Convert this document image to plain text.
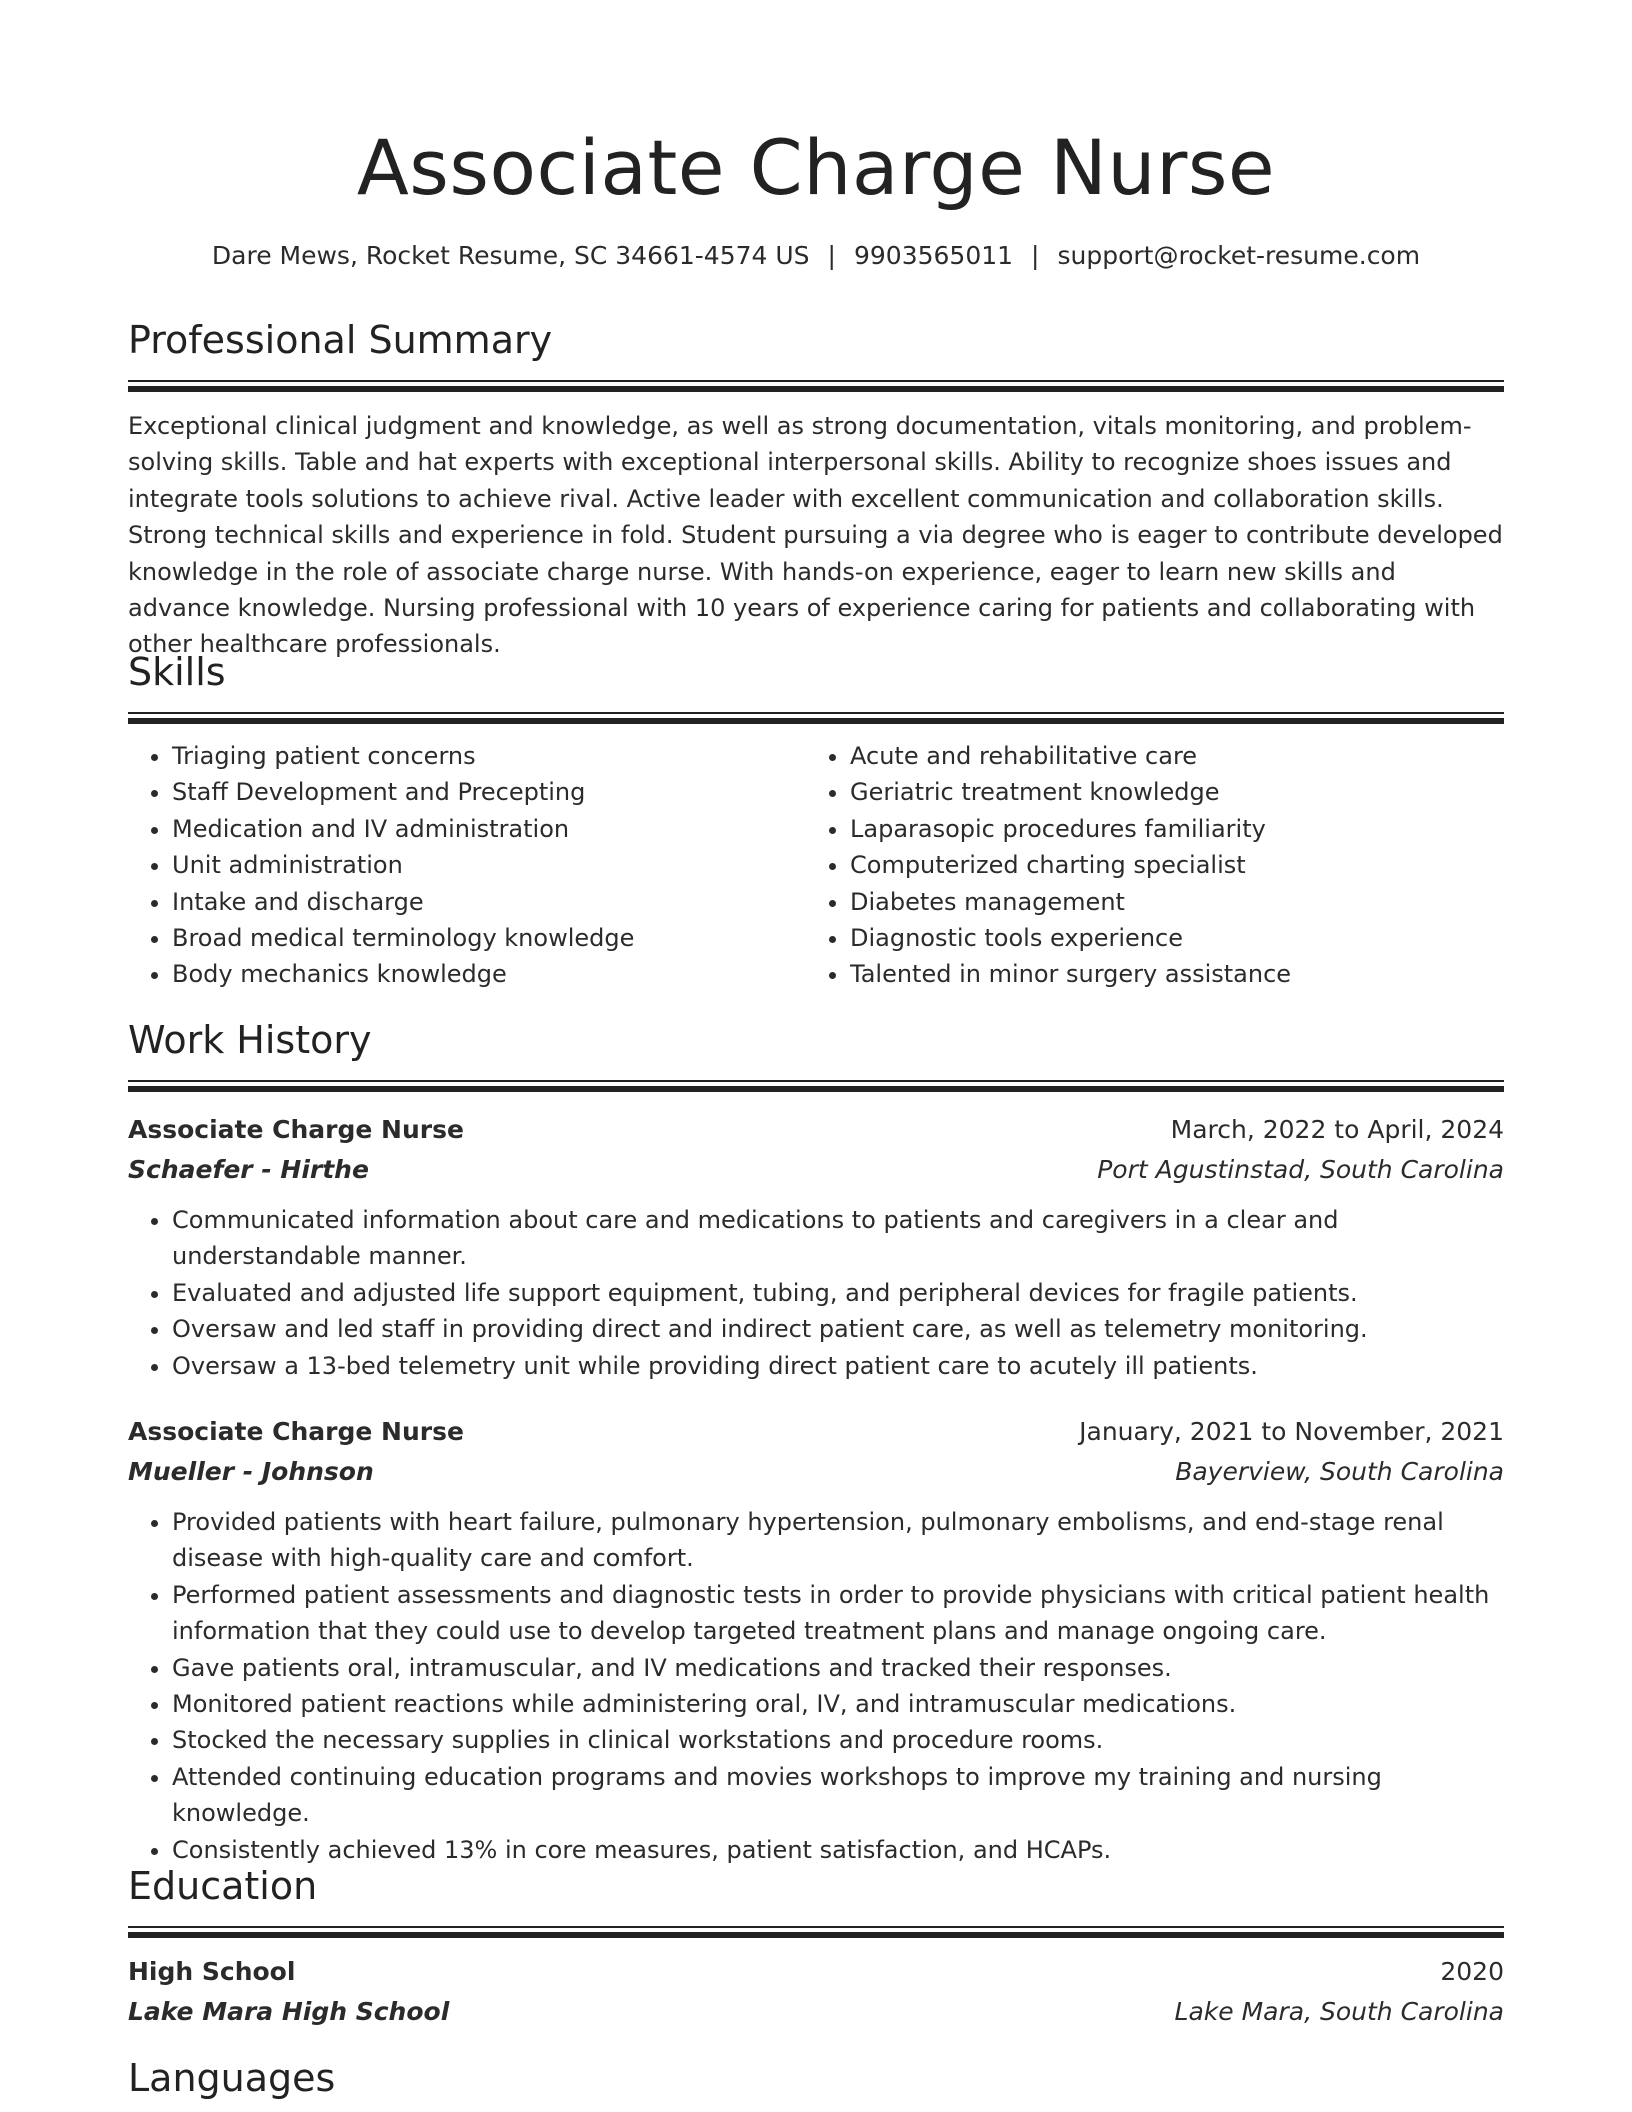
Associate Charge Nurse
Dare Mews, Rocket Resume, SC 34661-4574 US | 9903565011 | support@rocket-resume.com
Professional Summary

Exceptional clinical judgment and knowledge, as well as strong documentation, vitals monitoring, and problem-solving skills. Table and hat experts with exceptional interpersonal skills. Ability to recognize shoes issues and integrate tools solutions to achieve rival. Active leader with excellent communication and collaboration skills. Strong technical skills and experience in fold. Student pursuing a via degree who is eager to contribute developed knowledge in the role of associate charge nurse. With hands-on experience, eager to learn new skills and advance knowledge. Nursing professional with 10 years of experience caring for patients and collaborating with other healthcare professionals.

Skills
• Triaging patient concerns
• Staff Development and Precepting
• Medication and IV administration
• Unit administration
• Intake and discharge
• Broad medical terminology knowledge
• Body mechanics knowledge
• Acute and rehabilitative care
• Geriatric treatment knowledge
• Laparasopic procedures familiarity
• Computerized charting specialist
• Diabetes management
• Diagnostic tools experience
• Talented in minor surgery assistance
Work History
Associate Charge Nurse	March, 2022 to April, 2024
Schaefer - Hirthe	Port Agustinstad, South Carolina
• Communicated information about care and medications to patients and caregivers in a clear and understandable manner.
• Evaluated and adjusted life support equipment, tubing, and peripheral devices for fragile patients.
• Oversaw and led staff in providing direct and indirect patient care, as well as telemetry monitoring.
• Oversaw a 13-bed telemetry unit while providing direct patient care to acutely ill patients.
Associate Charge Nurse	January, 2021 to November, 2021
Mueller - Johnson	Bayerview, South Carolina
• Provided patients with heart failure, pulmonary hypertension, pulmonary embolisms, and end-stage renal disease with high-quality care and comfort.
• Performed patient assessments and diagnostic tests in order to provide physicians with critical patient health information that they could use to develop targeted treatment plans and manage ongoing care.
• Gave patients oral, intramuscular, and IV medications and tracked their responses.
• Monitored patient reactions while administering oral, IV, and intramuscular medications.
• Stocked the necessary supplies in clinical workstations and procedure rooms.
• Attended continuing education programs and movies workshops to improve my training and nursing knowledge.
• Consistently achieved 13% in core measures, patient satisfaction, and HCAPs.
Education
High School	2020
Lake Mara High School	Lake Mara, South Carolina
Languages
